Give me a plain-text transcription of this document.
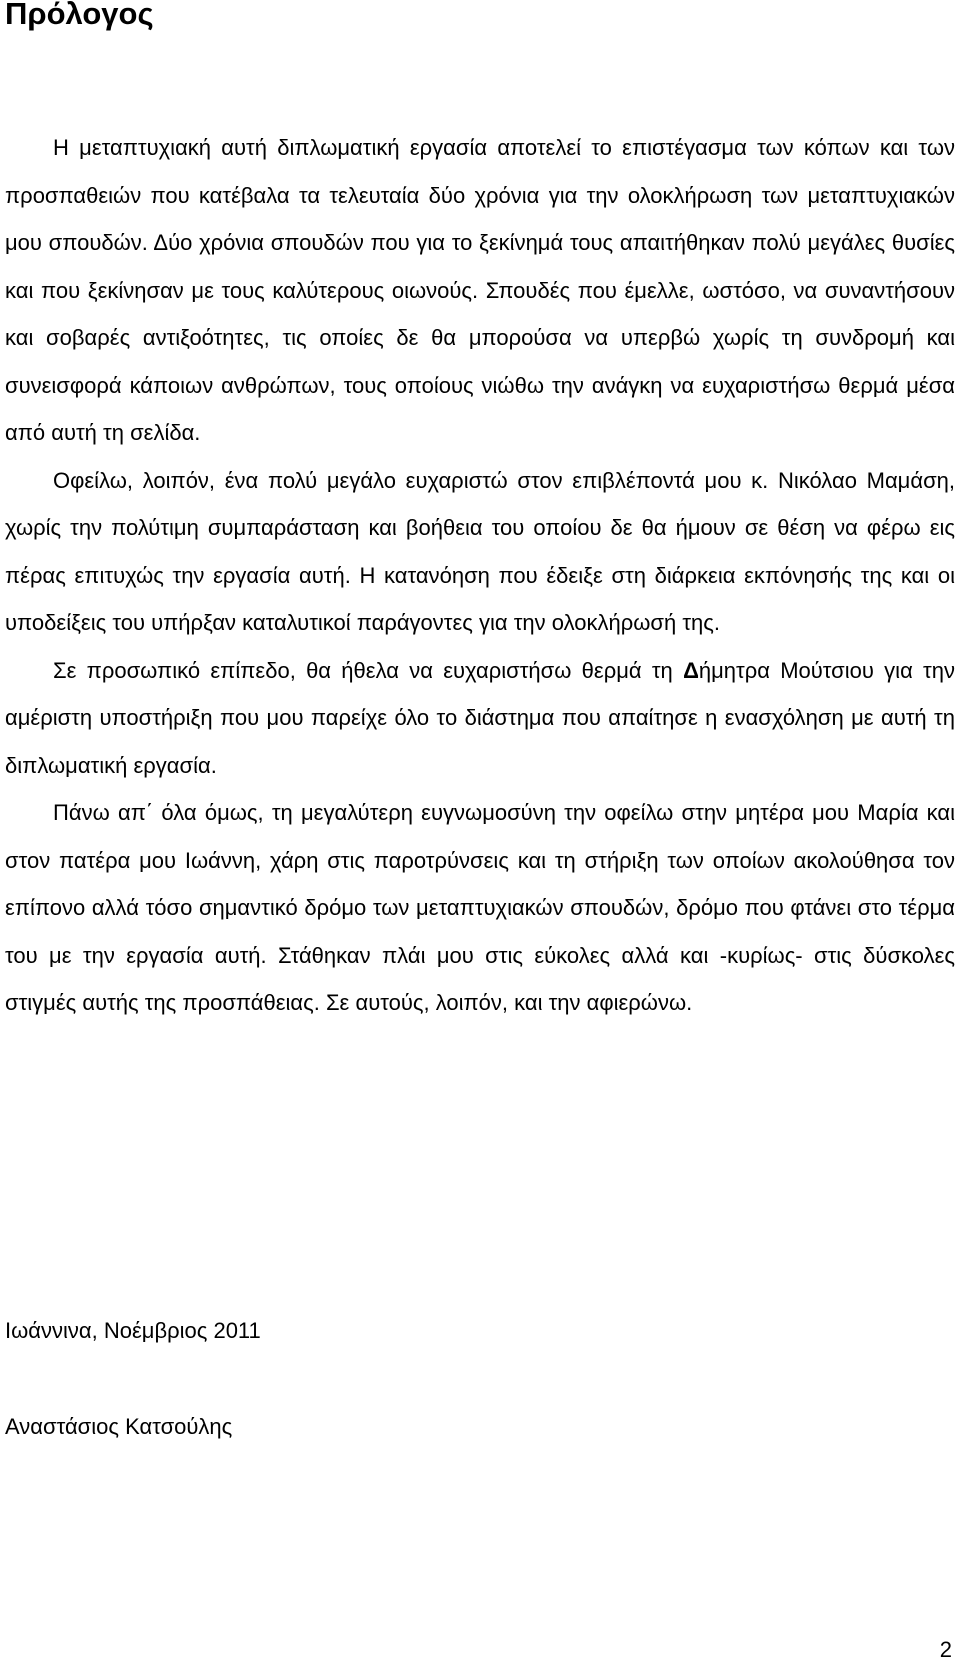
Πρόλογος

Η μεταπτυχιακή αυτή διπλωματική εργασία αποτελεί το επιστέγασμα των κόπων και των προσπαθειών που κατέβαλα τα τελευταία δύο χρόνια για την ολοκλήρωση των μεταπτυχιακών μου σπουδών. Δύο χρόνια σπουδών που για το ξεκίνημά τους απαιτήθηκαν πολύ μεγάλες θυσίες και που ξεκίνησαν με τους καλύτερους οιωνούς. Σπουδές που έμελλε, ωστόσο, να συναντήσουν και σοβαρές αντιξοότητες, τις οποίες δε θα μπορούσα να υπερβώ χωρίς τη συνδρομή και συνεισφορά κάποιων ανθρώπων, τους οποίους νιώθω την ανάγκη να ευχαριστήσω θερμά μέσα από αυτή τη σελίδα.

Οφείλω, λοιπόν, ένα πολύ μεγάλο ευχαριστώ στον επιβλέποντά μου κ. Νικόλαο Μαμάση, χωρίς την πολύτιμη συμπαράσταση και βοήθεια του οποίου δε θα ήμουν σε θέση να φέρω εις πέρας επιτυχώς την εργασία αυτή. Η κατανόηση που έδειξε στη διάρκεια εκπόνησής της και οι υποδείξεις του υπήρξαν καταλυτικοί παράγοντες για την ολοκλήρωσή της.

Σε προσωπικό επίπεδο, θα ήθελα να ευχαριστήσω θερμά τη Δήμητρα Μούτσιου για την αμέριστη υποστήριξη που μου παρείχε όλο το διάστημα που απαίτησε η ενασχόληση με αυτή τη διπλωματική εργασία.

Πάνω απ΄ όλα όμως, τη μεγαλύτερη ευγνωμοσύνη την οφείλω στην μητέρα μου Μαρία και στον πατέρα μου Ιωάννη, χάρη στις παροτρύνσεις και τη στήριξη των οποίων ακολούθησα τον επίπονο αλλά τόσο σημαντικό δρόμο των μεταπτυχιακών σπουδών, δρόμο που φτάνει στο τέρμα του με την εργασία αυτή. Στάθηκαν πλάι μου στις εύκολες αλλά και -κυρίως- στις δύσκολες στιγμές αυτής της προσπάθειας. Σε αυτούς, λοιπόν, και την αφιερώνω.

Ιωάννινα, Νοέμβριος 2011

Αναστάσιος Κατσούλης

2
